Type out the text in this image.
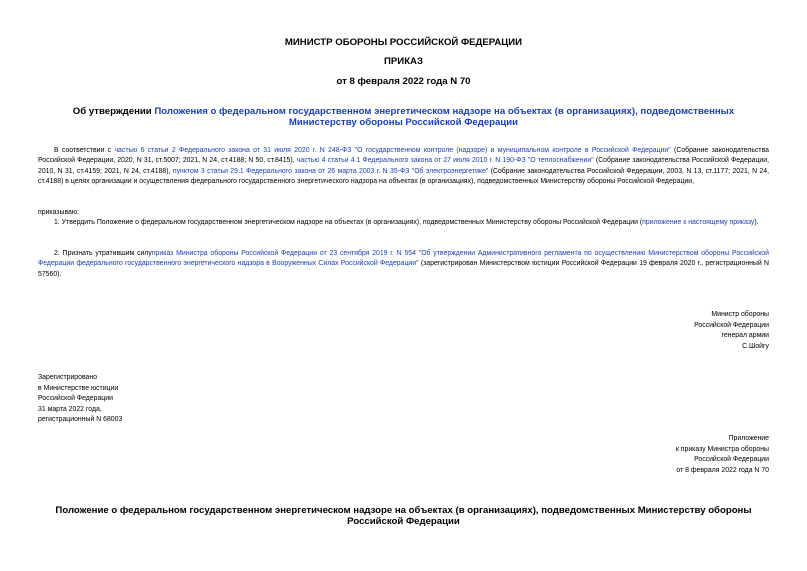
МИНИСТР ОБОРОНЫ РОССИЙСКОЙ ФЕДЕРАЦИИ
ПРИКАЗ
от 8 февраля 2022 года N 70
Об утверждении Положения о федеральном государственном энергетическом надзоре на объектах (в организациях), подведомственных Министерству обороны Российской Федерации
В соответствии с частью 6 статьи 2 Федерального закона от 31 июля 2020 г. N 248-ФЗ "О государственном контроле (надзоре) и муниципальном контроле в Российской Федерации" (Собрание законодательства Российской Федерации, 2020, N 31, ст.5007; 2021, N 24, ст.4188; N 50, ст.8415), частью 4 статьи 4.1 Федерального закона от 27 июля 2010 г. N 190-ФЗ "О теплоснабжении" (Собрание законодательства Российской Федерации, 2010, N 31, ст.4159; 2021, N 24, ст.4188), пунктом 3 статьи 29.1 Федерального закона от 26 марта 2003 г. N 35-ФЗ "Об электроэнергетике" (Собрание законодательства Российской Федерации, 2003, N 13, ст.1177; 2021, N 24, ст.4188) в целях организации и осуществления федерального государственного энергетического надзора на объектах (в организациях), подведомственных Министерству обороны Российской Федерации,
приказываю:
1. Утвердить Положение о федеральном государственном энергетическом надзоре на объектах (в организациях), подведомственных Министерству обороны Российской Федерации (приложение к настоящему приказу).
2. Признать утратившим силуприказ Министра обороны Российской Федерации от 23 сентября 2019 г. N 554 "Об утверждении Административного регламента по осуществлению Министерством обороны Российской Федерации федерального государственного энергетического надзора в Вооруженных Силах Российской Федерации" (зарегистрирован Министерством юстиции Российской Федерации 19 февраля 2020 г., регистрационный N 57560).
Министр обороны
Российской Федерации
генерал армии
С.Шойгу
Зарегистрировано
в Министерстве юстиции
Российской Федерации
31 марта 2022 года,
регистрационный N 68003
Приложение
к приказу Министра обороны
Российской Федерации
от 8 февраля 2022 года N 70
Положение о федеральном государственном энергетическом надзоре на объектах (в организациях), подведомственных Министерству обороны Российской Федерации
